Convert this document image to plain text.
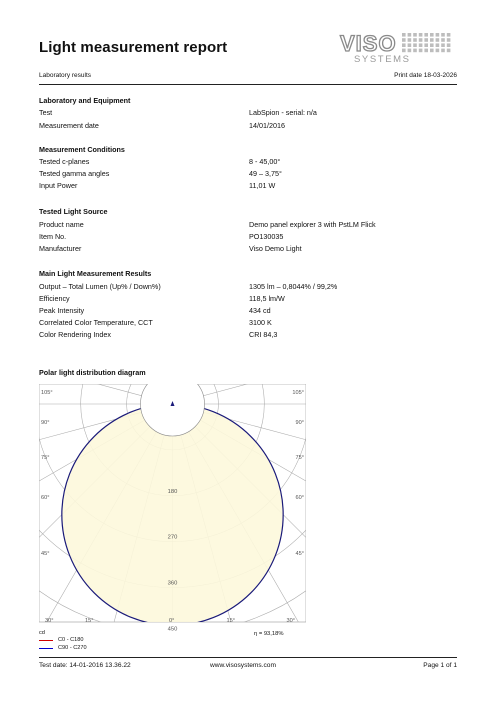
Light measurement report	VISO
SYSTEMS
Laboratory results	Print date 18-03-2026
Laboratory and Equipment
Test	LabSpion - serial: n/a
Measurement date	14/01/2016
Measurement Conditions
Tested c-planes	8 - 45,00°
Tested gamma angles	49 – 3,75°
Input Power	11,01 W
Tested Light Source
Product name	Demo panel explorer 3 with PstLM Flick
Item No.	PO130035
Manufacturer	Viso Demo Light
Main Light Measurement Results
Output – Total Lumen (Up% / Down%)	1305 lm – 0,8044% / 99,2%
Efficiency	118,5 lm/W
Peak Intensity	434 cd
Correlated Color Temperature, CCT	3100 K
Color Rendering Index	CRI 84,3
Polar light distribution diagram
105°
90°
75°
60°
45°
30°	15°	0°
105°
90°
75°
60°
45°
30°
15°
180
270
360
450
cd
C0 - C180
C90 - C270
η = 93,18%
Test date: 14-01-2016 13.36.22	www.visosystems.com	Page 1 of 1
